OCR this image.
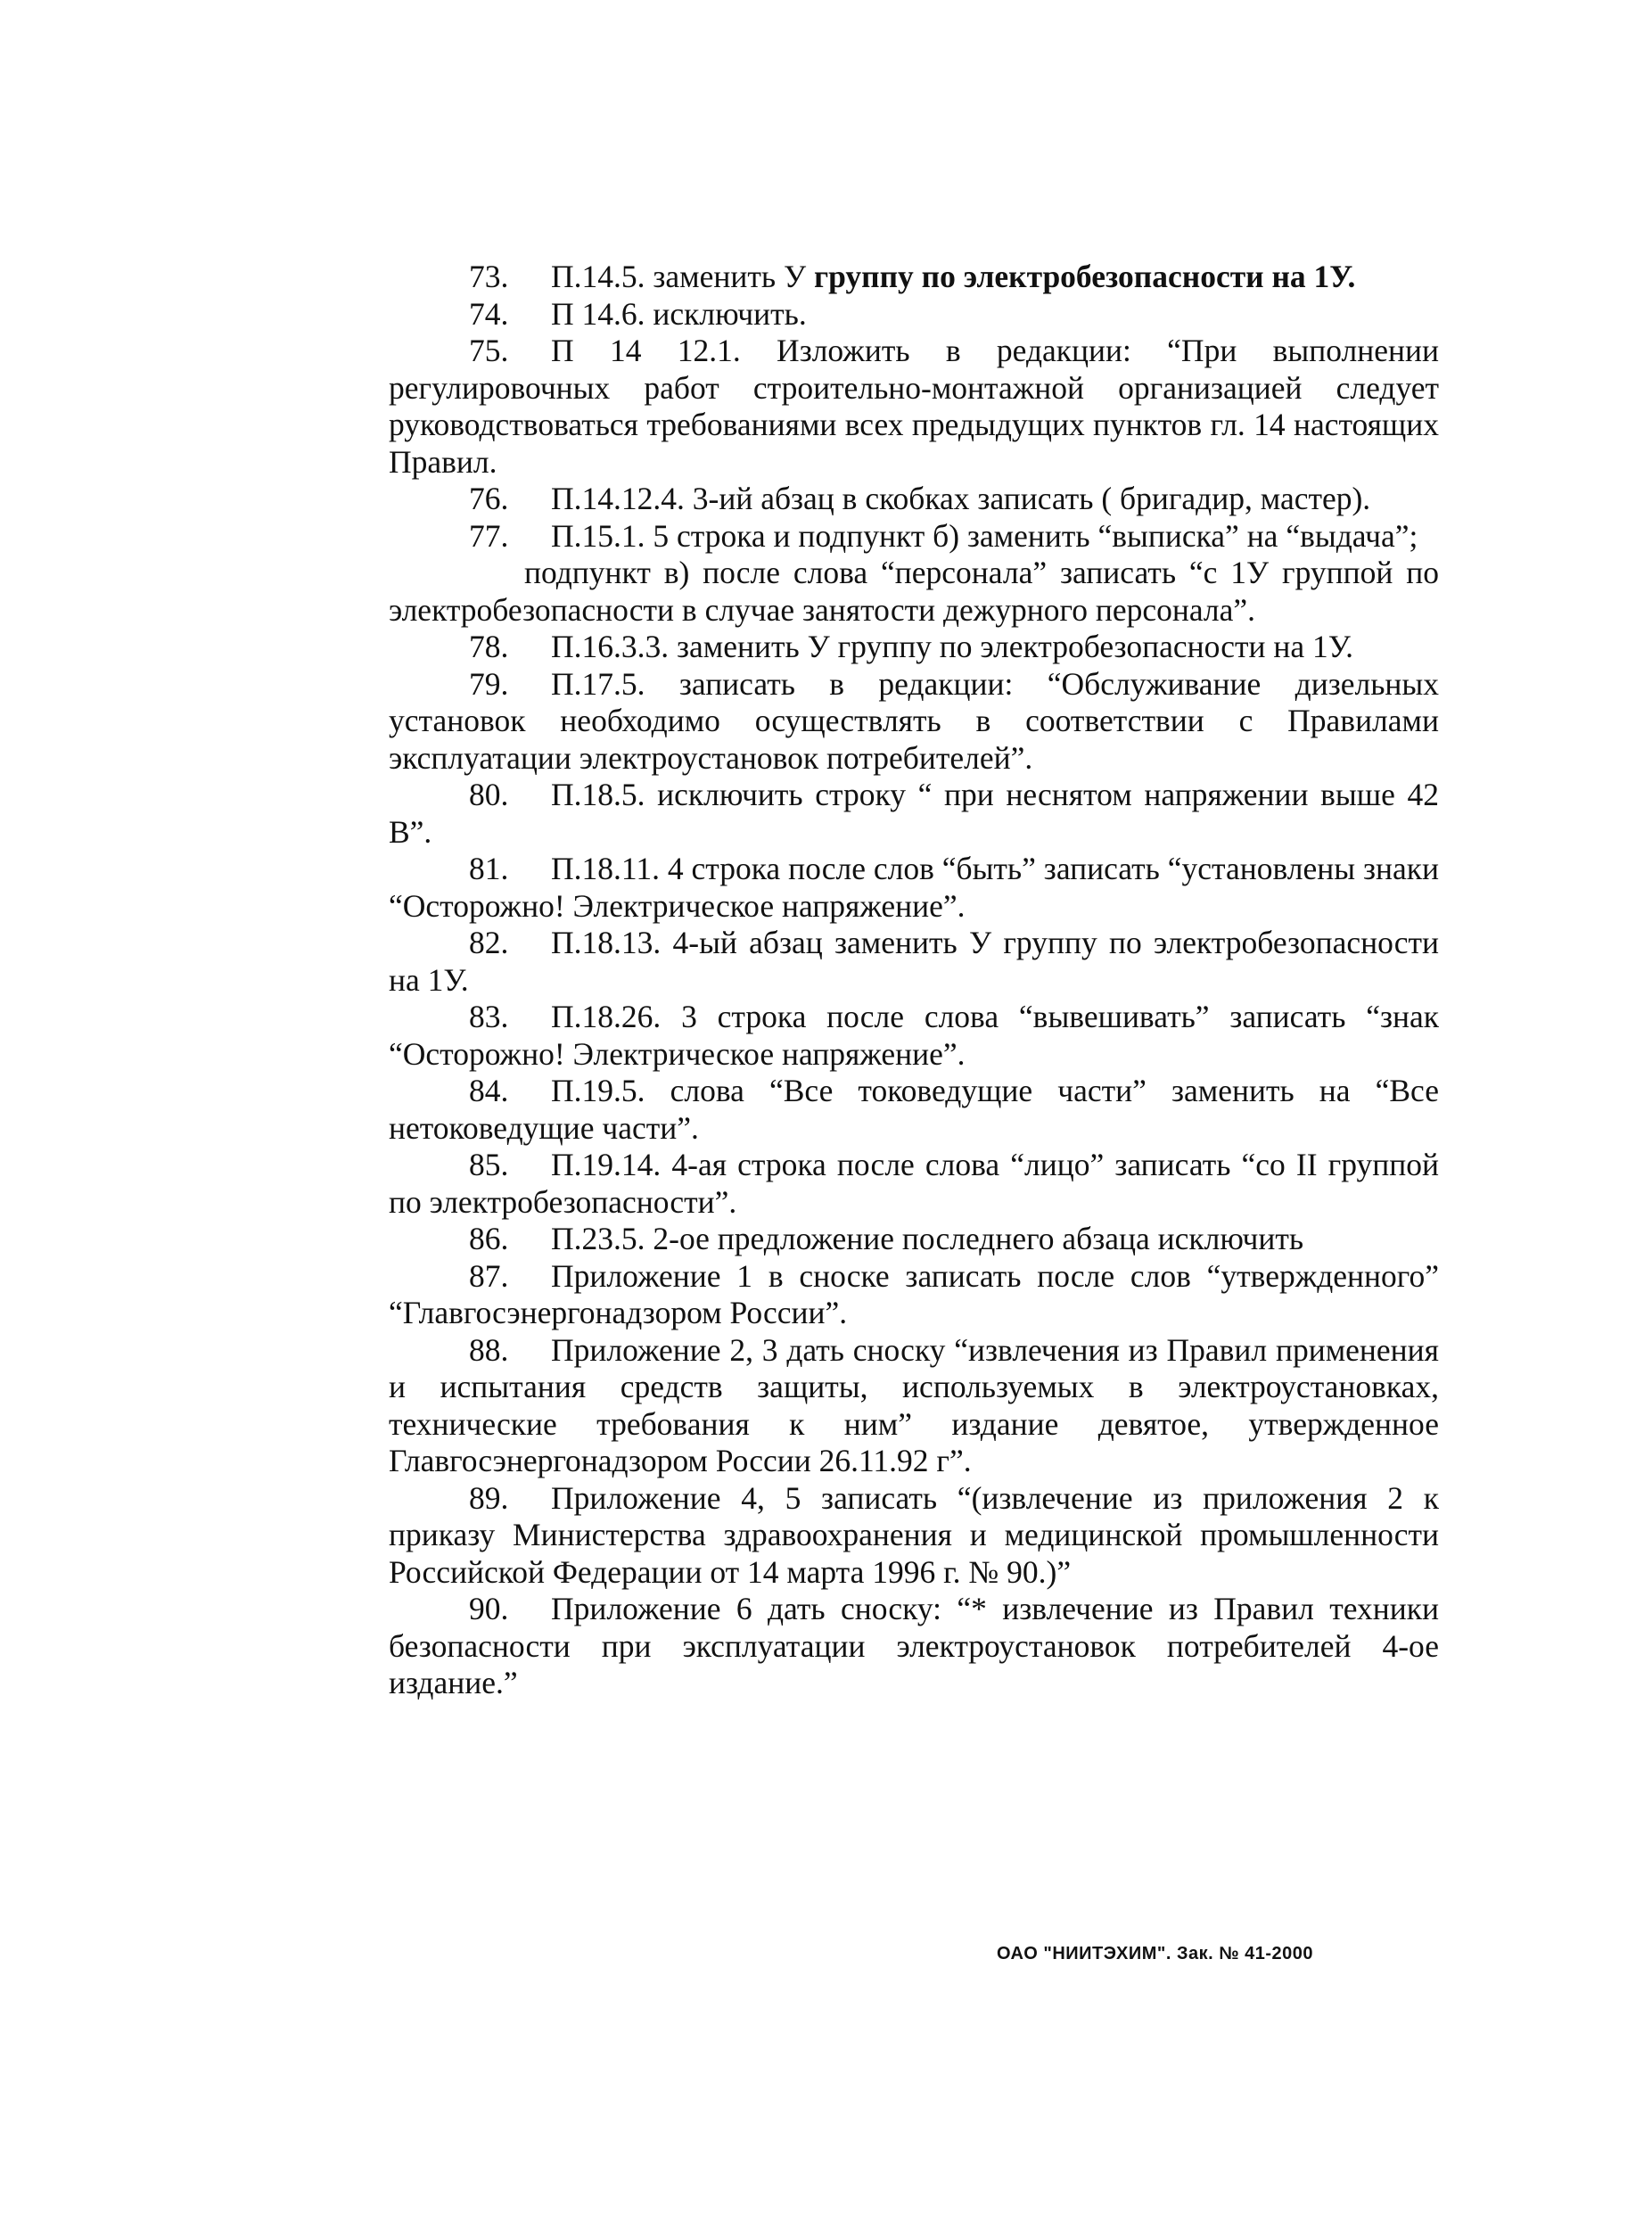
73. П.14.5. заменить У группу по электробезопасности на 1У.

74. П 14.6. исключить.

75. П 14 12.1. Изложить в редакции: “При выполнении регулировочных работ строительно-монтажной организацией следует руководствоваться требованиями всех предыдущих пунктов гл. 14 настоящих Правил.

76. П.14.12.4. 3-ий абзац в скобках записать ( бригадир, мастер).

77. П.15.1. 5 строка и подпункт б) заменить “выписка” на “выдача”;

подпункт в) после слова “персонала” записать “с 1У группой по электробезопасности в случае занятости дежурного персонала”.

78. П.16.3.3. заменить У группу по электробезопасности на 1У.

79. П.17.5. записать в редакции: “Обслуживание дизельных установок необходимо осуществлять в соответствии с Правилами эксплуатации электроустановок потребителей”.

80. П.18.5. исключить строку “ при неснятом напряжении выше 42 В”.

81. П.18.11. 4 строка после слов “быть” записать “установлены знаки “Осторожно! Электрическое напряжение”.

82. П.18.13. 4-ый абзац заменить У группу по электробезопасности на 1У.

83. П.18.26. 3 строка после слова “вывешивать” записать “знак “Осторожно! Электрическое напряжение”.

84. П.19.5. слова “Все токоведущие части” заменить на “Все нетоковедущие части”.

85. П.19.14. 4-ая строка после слова “лицо” записать “со II группой по электробезопасности”.

86. П.23.5. 2-ое предложение последнего абзаца исключить

87. Приложение 1 в сноске записать после слов “утвержденного” “Главгосэнергонадзором России”.

88. Приложение 2, 3 дать сноску “извлечения из Правил применения и испытания средств защиты, используемых в электроустановках, технические требования к ним” издание девятое, утвержденное Главгосэнергонадзором России 26.11.92 г”.

89. Приложение 4, 5 записать “(извлечение из приложения 2 к приказу Министерства здравоохранения и медицинской промышленности Российской Федерации от 14 марта 1996 г. № 90.)”

90. Приложение 6 дать сноску: “* извлечение из Правил техники безопасности при эксплуатации электроустановок потребителей 4-ое издание.”

ОАО "НИИТЭХИМ". Зак. № 41-2000
